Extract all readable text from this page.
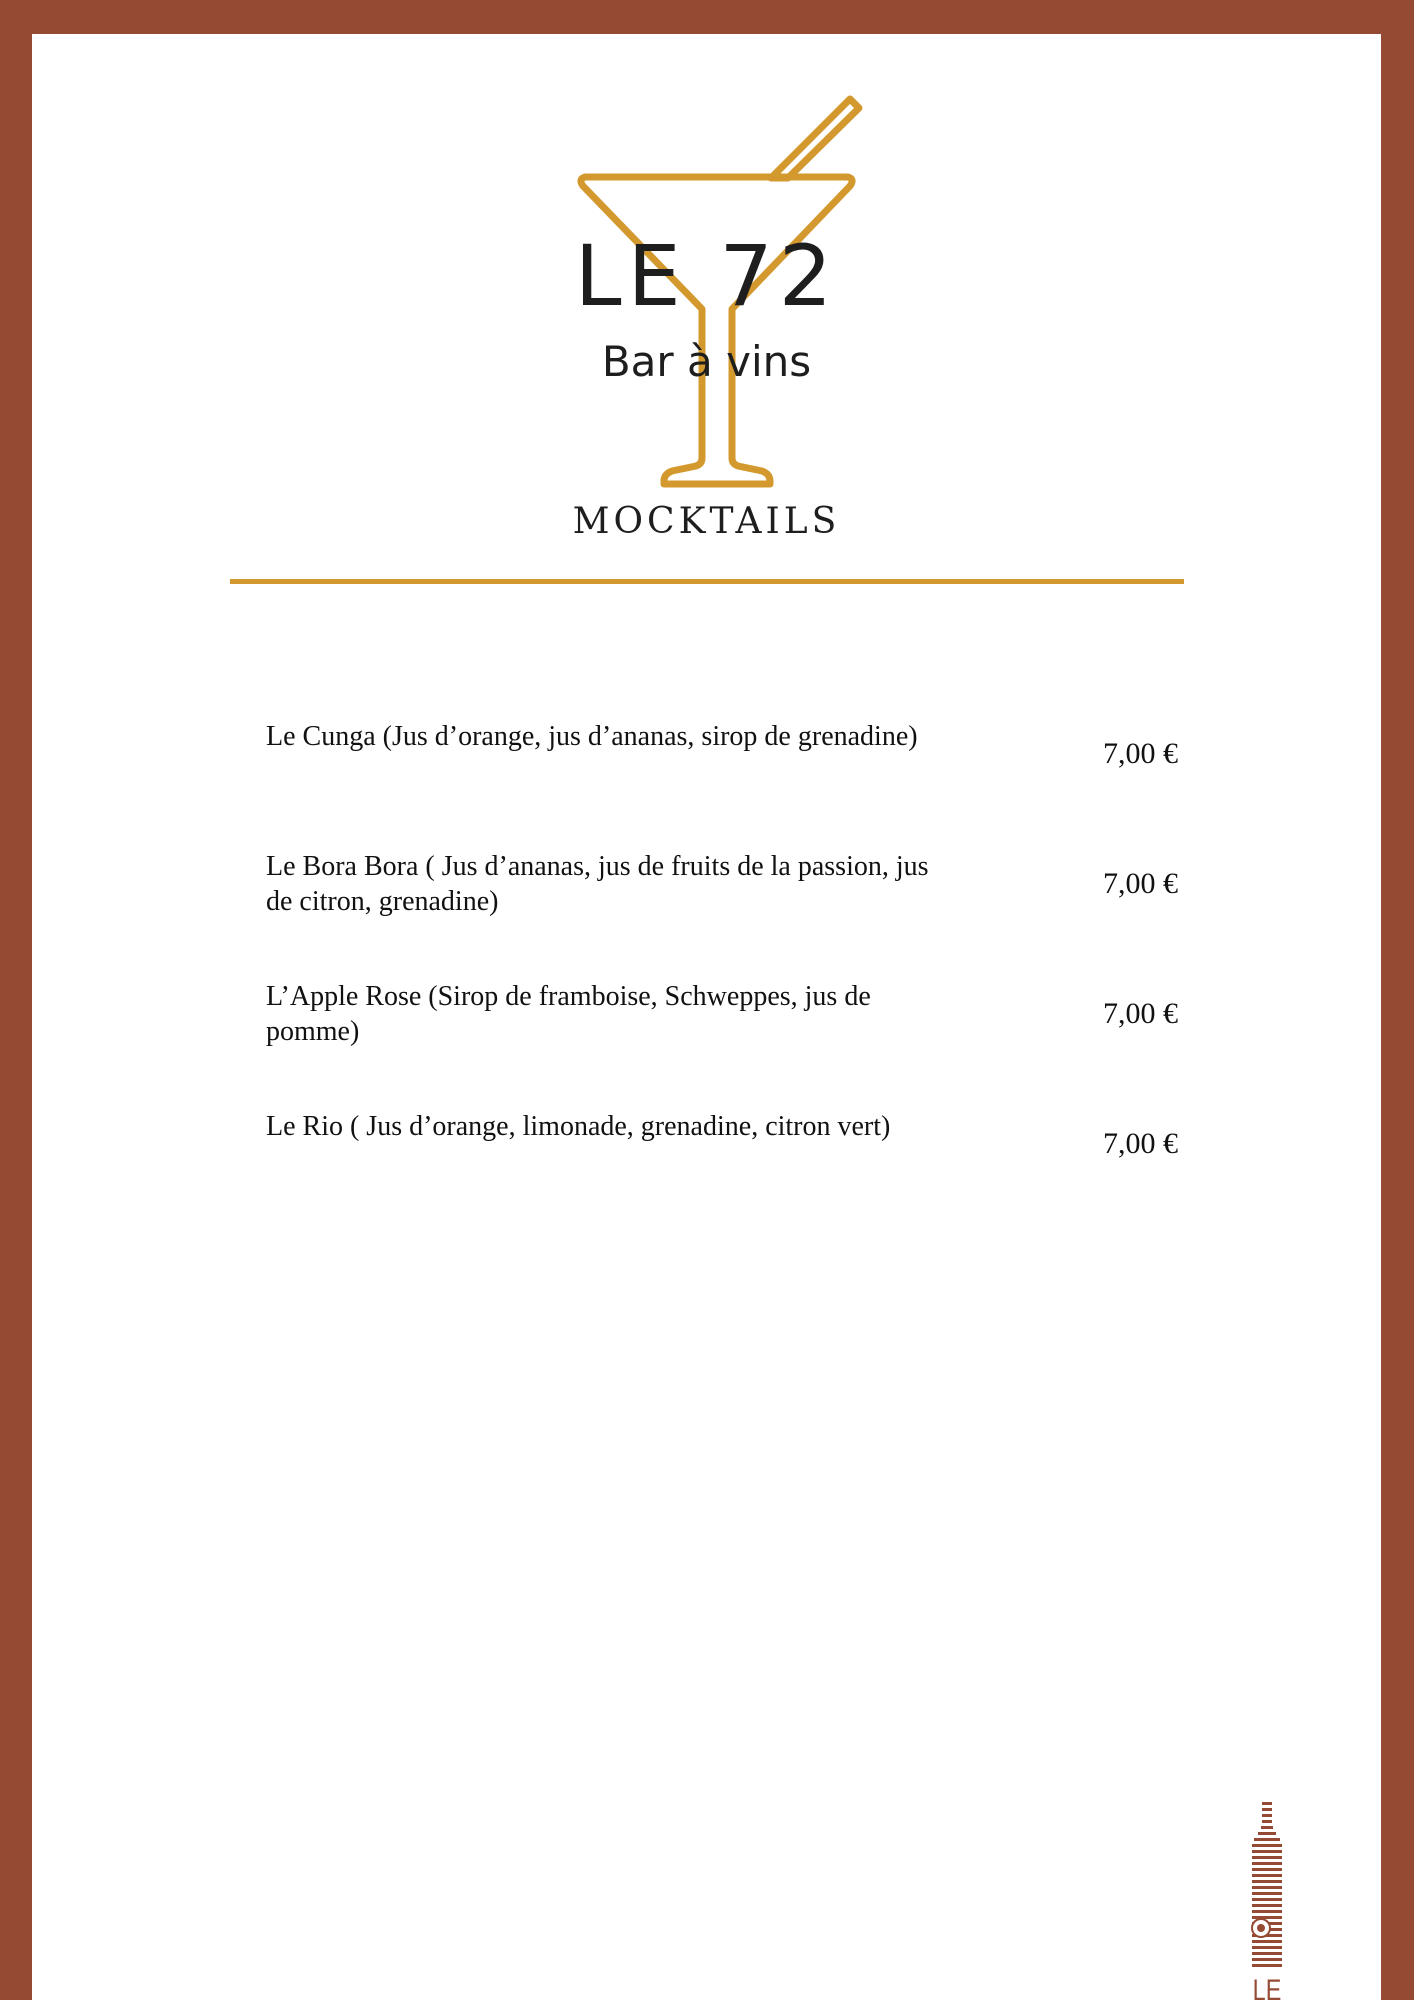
LE 72
Bar à vins
MOCKTAILS
Le Cunga (Jus d’orange, jus d’ananas, sirop de grenadine)
7,00 €
Le Bora Bora ( Jus d’ananas, jus de fruits de la passion, jus de citron, grenadine)
7,00 €
L’Apple Rose (Sirop de framboise, Schweppes, jus de pomme)
7,00 €
Le Rio ( Jus d’orange, limonade, grenadine, citron vert)
7,00 €
LE
